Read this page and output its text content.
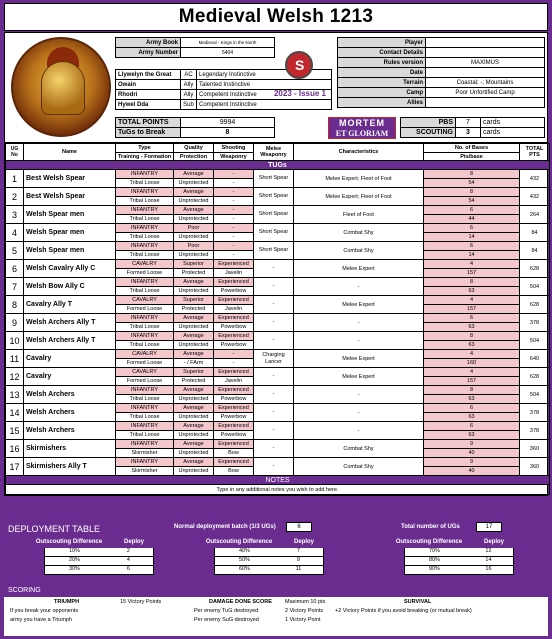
Medieval Welsh 1213
Army Book	Medieval - Kings in the North
Army Number	5404
Llywelyn the Great	AC	Legendary Instinctive
Owain	Ally	Talented Instinctive
Rhodri	Ally	Competent Instinctive
Hywel Dda	Sub	Competent Instinctive
S
2023 - Issue 1
MORTEM
ET GLORIAM
Player	
Contact Details	
Rules version	MAXIMUS
Date	
Terrain	Coastal; -; Mountains
Camp	Poor Unfortified Camp
Allies	
TOTAL POINTS	9994
TuGs to Break	8
PBS	7	cards
SCOUTING	3	cards
UG No	Name	Type	Quality	Shooting	Melee Weaponry	Characteristics	No. of Bases	TOTAL PTS
		Training - Formation	Protection	Weaponry			Pts/base	
TUGs								
1	Best Welsh Spear	INFANTRY	Average	-	Short Spear	Melee Expert; Fleet of Foot	8	432
		Tribal Loose	Unprotected	-			54	
2	Best Welsh Spear	INFANTRY	Average	-	Short Spear	Melee Expert; Fleet of Foot	8	432
		Tribal Loose	Unprotected	-			54	
3	Welsh Spear men	INFANTRY	Average	-	Short Spear	Fleet of Foot	6	264
		Tribal Loose	Unprotected	-			44	
4	Welsh Spear men	INFANTRY	Poor	-	Short Spear	Combat Shy	6	84
		Tribal Loose	Unprotected	-			14	
5	Welsh Spear men	INFANTRY	Poor	-	Short Spear	Combat Shy	6	84
		Tribal Loose	Unprotected	-			14	
6	Welsh Cavalry Ally C	CAVALRY	Superior	Experienced	-	Melee Expert	4	628
		Formed Loose	Protected	Javelin			157	
7	Welsh Bow Ally C	INFANTRY	Average	Experienced	-	-	8	504
		Tribal Loose	Unprotected	Powerbow			63	
8	Cavalry Ally T	CAVALRY	Superior	Experienced	-	Melee Expert	4	628
		Formed Loose	Protected	Javelin			157	
9	Welsh Archers Ally T	INFANTRY	Average	Experienced	-	-	6	378
		Tribal Loose	Unprotected	Powerbow			63	
10	Welsh Archers Ally T	INFANTRY	Average	Experienced	-	-	8	504
		Tribal Loose	Unprotected	Powerbow			63	
11	Cavalry	CAVALRY	Average	-	Charging Lancer	Melee Expert	4	640
		Formed Loose	- / FArm	-			160	
12	Cavalry	CAVALRY	Superior	Experienced	-	Melee Expert	4	628
		Formed Loose	Protected	Javelin			157	
13	Welsh Archers	INFANTRY	Average	Experienced	-	-	8	504
		Tribal Loose	Unprotected	Powerbow			63	
14	Welsh Archers	INFANTRY	Average	Experienced	-	-	6	378
		Tribal Loose	Unprotected	Powerbow			63	
15	Welsh Archers	INFANTRY	Average	Experienced	-	-	6	378
		Tribal Loose	Unprotected	Powerbow			63	
16	Skirmishers	INFANTRY	Average	Experienced	-	Combat Shy	9	360
		Skirmisher	Unprotected	Bow			40	
17	Skirmishers Ally T	INFANTRY	Average	Experienced	-	Combat Shy	9	360
		Skirmisher	Unprotected	Bow			40	
NOTES								
Type in any additional notes you wish to add here.								
DEPLOYMENT TABLE	Normal deployment batch (1/3 UGs)	6	Total number of UGs	17
Outscouting Difference	Deploy
10%	2
20%	4
30%	6
Outscouting Difference	Deploy
40%	7
50%	9
60%	11
Outscouting Difference	Deploy
70%	12
80%	14
90%	16
SCORING
TRIUMPH	15 Victory Points
If you break your opponents
army you have a Triumph
DAMAGE DONE SCORE
Per enemy TuG destroyed
Per enemy SuG destroyed
Maximum 10 pts
2 Victory Points
1 Victory Point
SURVIVAL
+2 Victory Points if you avoid breaking (or mutual break)
